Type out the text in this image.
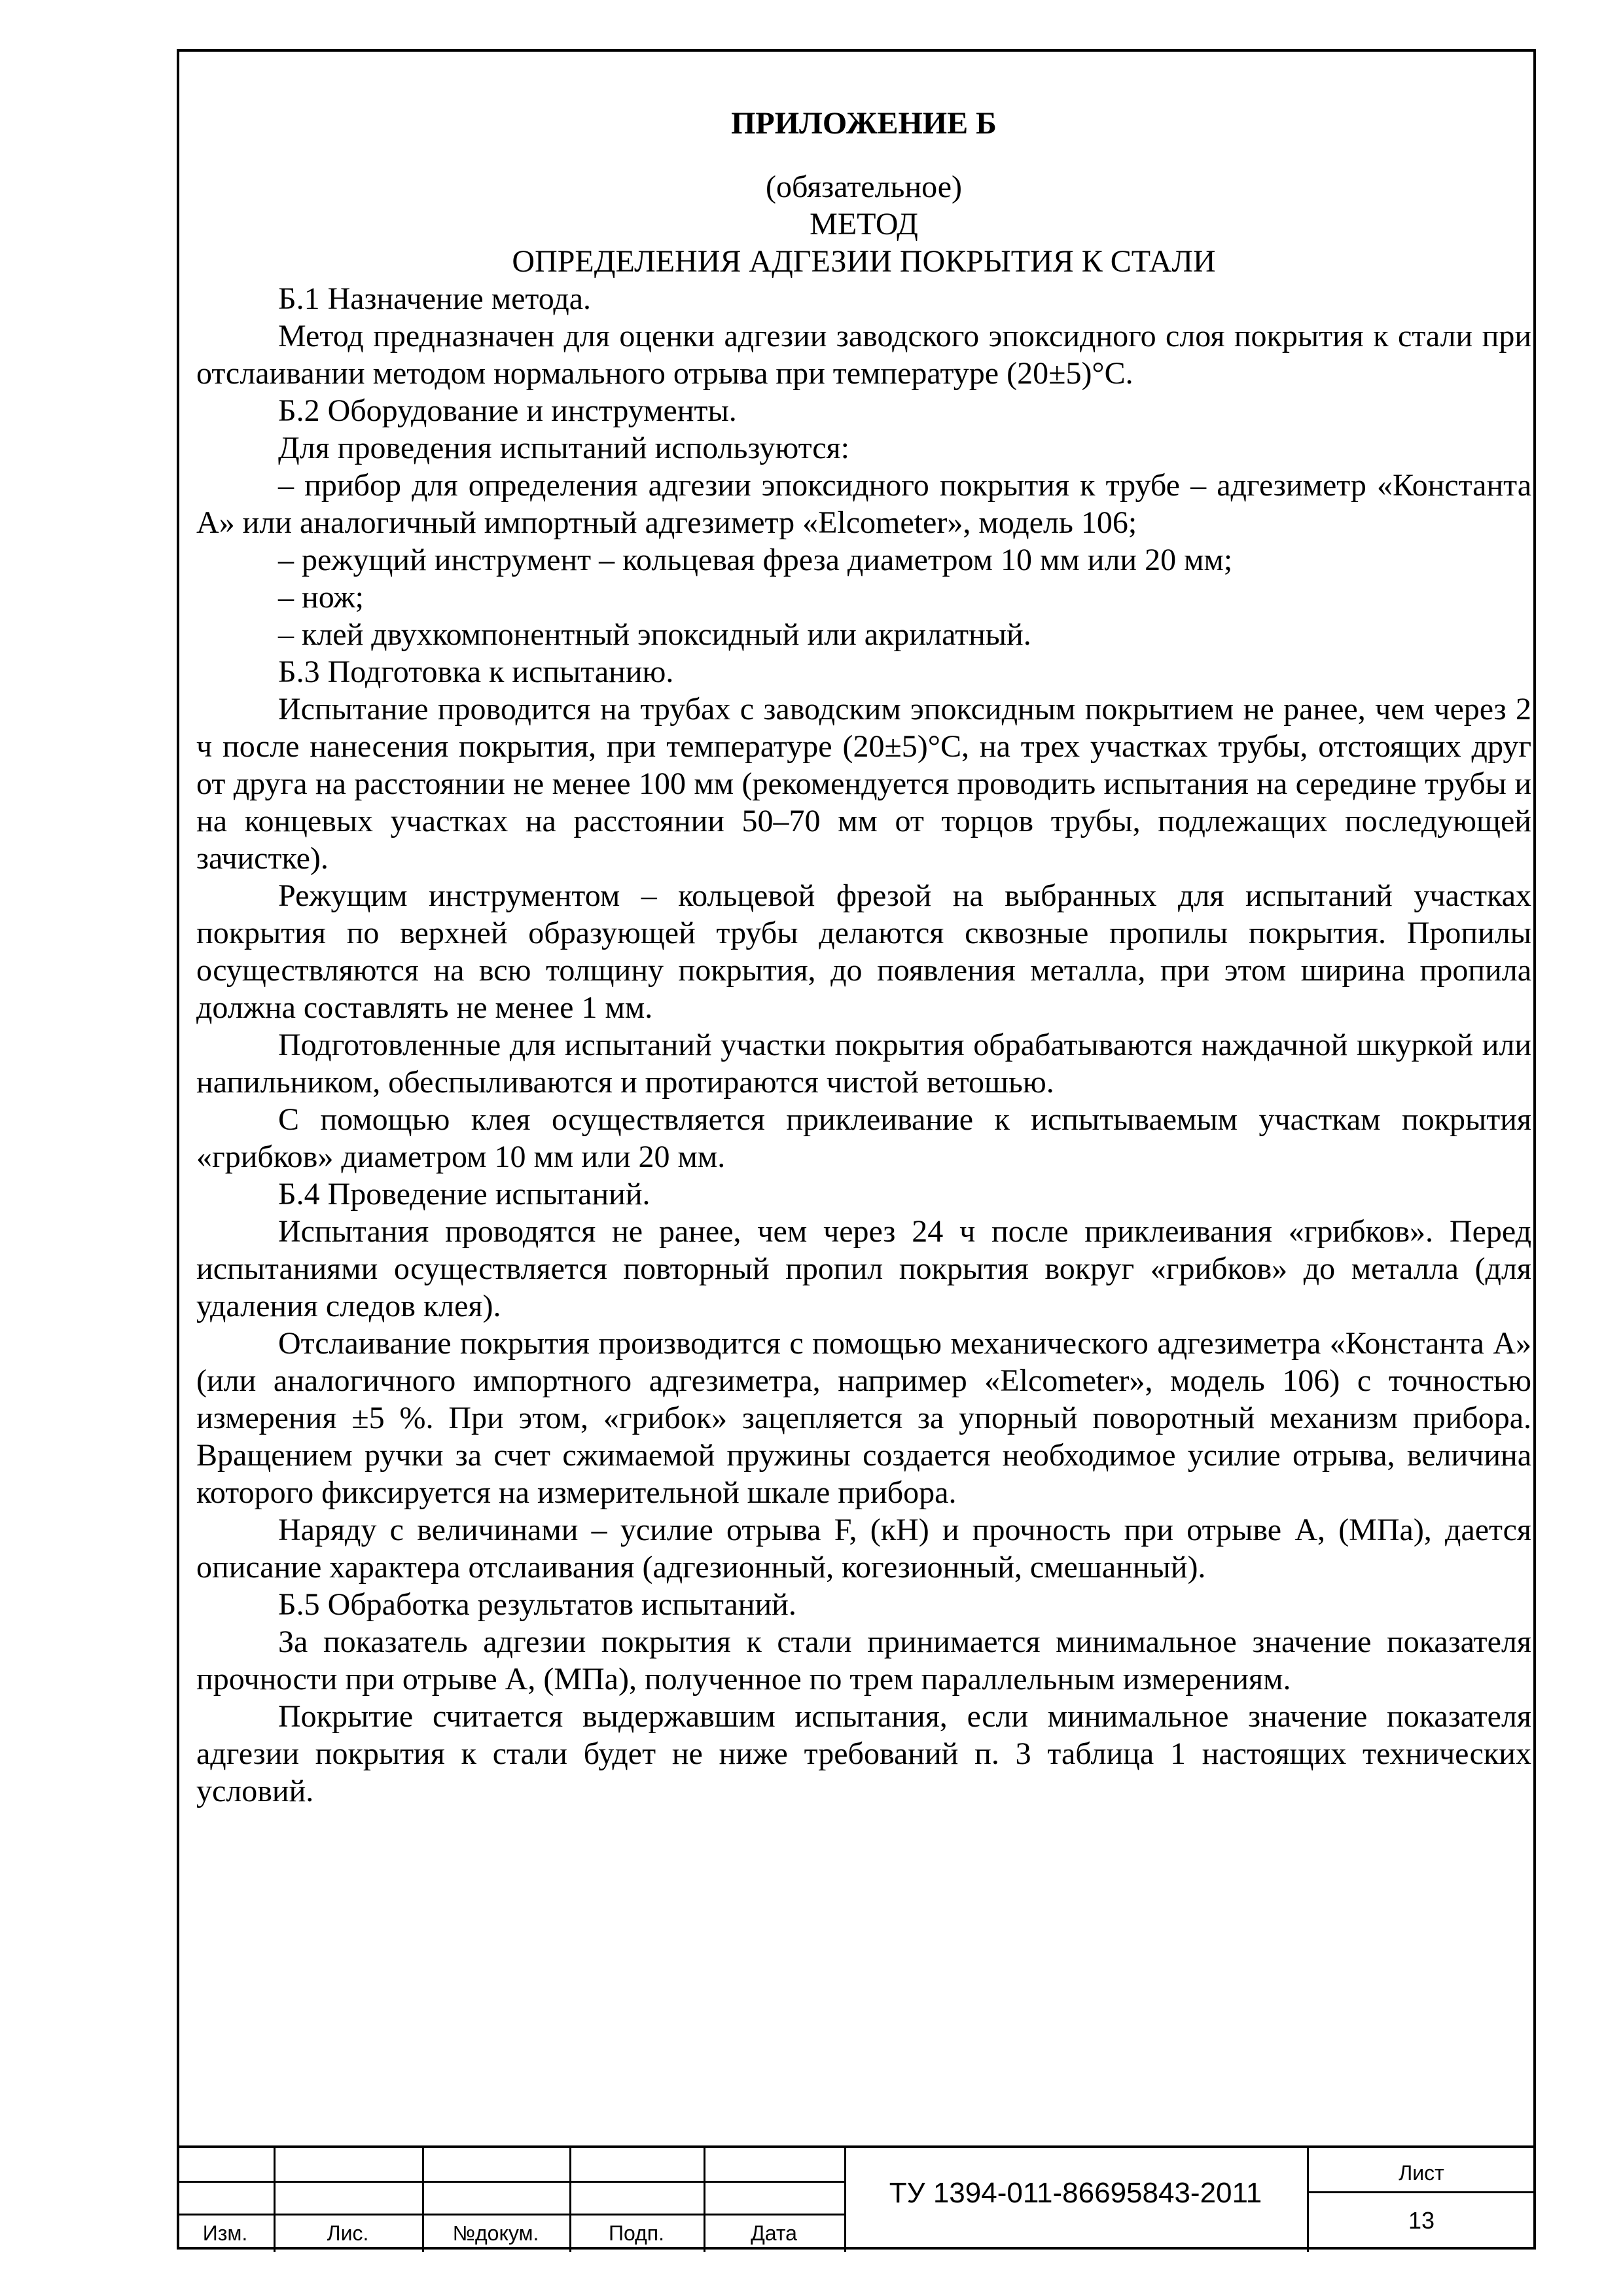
ПРИЛОЖЕНИЕ Б

(обязательное)

МЕТОД

ОПРЕДЕЛЕНИЯ АДГЕЗИИ ПОКРЫТИЯ К СТАЛИ

Б.1 Назначение метода.

Метод предназначен для оценки адгезии заводского эпоксидного слоя покрытия к стали при отслаивании методом нормального отрыва при температуре (20±5)°С.

Б.2 Оборудование и инструменты.

Для проведения испытаний используются:

– прибор для определения адгезии эпоксидного покрытия к трубе – адгезиметр «Константа А» или аналогичный импортный адгезиметр «Elcometer», модель 106;

– режущий инструмент – кольцевая фреза диаметром 10 мм или 20 мм;

– нож;

– клей двухкомпонентный эпоксидный или акрилатный.

Б.3 Подготовка к испытанию.

Испытание проводится на трубах с заводским эпоксидным покрытием не ранее, чем через 2 ч после нанесения покрытия, при температуре (20±5)°С, на трех участках трубы, отстоящих друг от друга на расстоянии не менее 100 мм (рекомендуется проводить испытания на середине трубы и на концевых участках на расстоянии 50–70 мм от торцов трубы, подлежащих последующей зачистке).

Режущим инструментом – кольцевой фрезой на выбранных для испытаний участках покрытия по верхней образующей трубы делаются сквозные пропилы покрытия. Пропилы осуществляются на всю толщину покрытия, до появления металла, при этом ширина пропила должна составлять не менее 1 мм.

Подготовленные для испытаний участки покрытия обрабатываются наждачной шкуркой или напильником, обеспыливаются и протираются чистой ветошью.

С помощью клея осуществляется приклеивание к испытываемым участкам покрытия «грибков» диаметром 10 мм или 20 мм.

Б.4 Проведение испытаний.

Испытания проводятся не ранее, чем через 24 ч после приклеивания «грибков». Перед испытаниями осуществляется повторный пропил покрытия вокруг «грибков» до металла (для удаления следов клея).

Отслаивание покрытия производится с помощью механического адгезиметра «Константа А» (или аналогичного импортного адгезиметра, например «Elcometer», модель 106) с точностью измерения ±5 %. При этом, «грибок» зацепляется за упорный поворотный механизм прибора. Вращением ручки за счет сжимаемой пружины создается необходимое усилие отрыва, величина которого фиксируется на измерительной шкале прибора.

Наряду с величинами – усилие отрыва F, (кН) и прочность при отрыве А, (МПа), дается описание характера отслаивания (адгезионный, когезионный, смешанный).

Б.5 Обработка результатов испытаний.

За показатель адгезии покрытия к стали принимается минимальное значение показателя прочности при отрыве А, (МПа), полученное по трем параллельным измерениям.

Покрытие считается выдержавшим испытания, если минимальное значение показателя адгезии покрытия к стали будет не ниже требований п. 3 таблица 1 настоящих технических условий.

Изм.	Лис.	№докум.	Подп.	Дата
ТУ 1394-011-86695843-2011
Лист
13
